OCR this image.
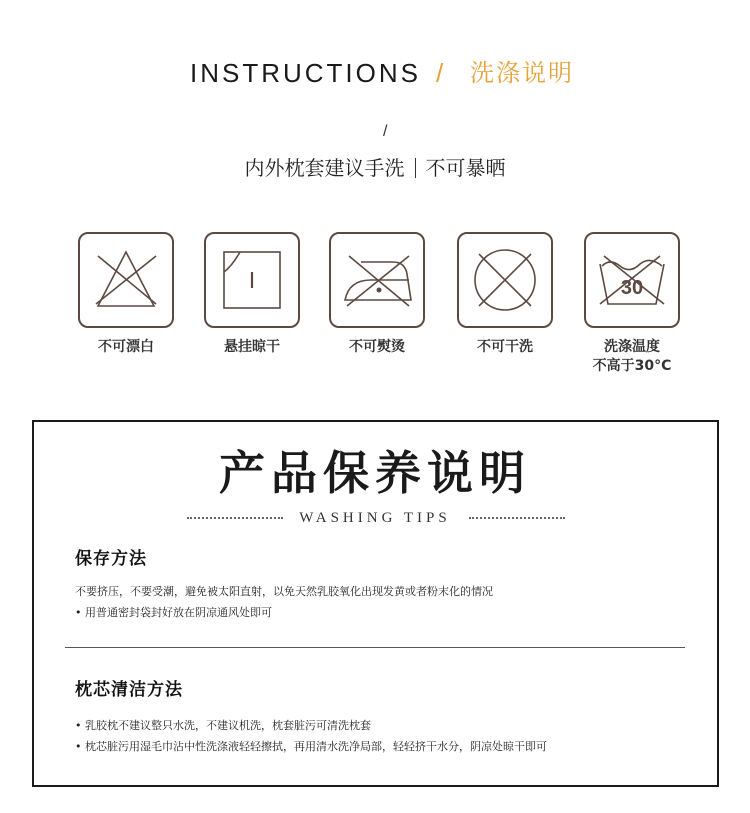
INSTRUCTIONS / 洗涤说明
/
内外枕套建议手洗 不可暴晒
不可漂白	悬挂晾干	不可熨烫	不可干洗
30
洗涤温度
不高于30°C
产品保养说明
WASHING TIPS
保存方法
不要挤压，不要受潮，避免被太阳直射，以免天然乳胶氧化出现发黄或者粉末化的情况
• 用普通密封袋封好放在阴凉通风处即可
枕芯清洁方法
• 乳胶枕不建议整只水洗，不建议机洗，枕套脏污可清洗枕套
• 枕芯脏污用湿毛巾沾中性洗涤液轻轻擦拭，再用清水洗净局部，轻轻挤干水分，阴凉处晾干即可
